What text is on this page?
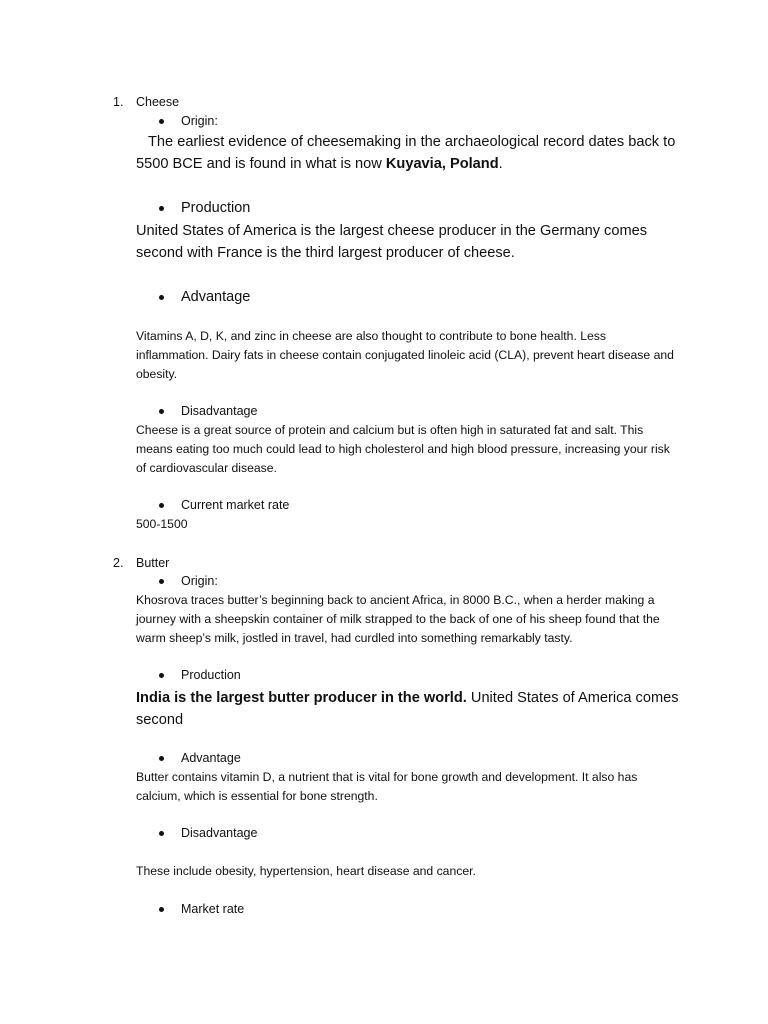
1. Cheese
Origin:
The earliest evidence of cheesemaking in the archaeological record dates back to 5500 BCE and is found in what is now Kuyavia, Poland.
Production
United States of America is the largest cheese producer in the Germany comes second with France is the third largest producer of cheese.
Advantage
Vitamins A, D, K, and zinc in cheese are also thought to contribute to bone health. Less inflammation. Dairy fats in cheese contain conjugated linoleic acid (CLA), prevent heart disease and obesity.
Disadvantage
Cheese is a great source of protein and calcium but is often high in saturated fat and salt. This means eating too much could lead to high cholesterol and high blood pressure, increasing your risk of cardiovascular disease.
Current market rate
500-1500
2. Butter
Origin:
Khosrova traces butter’s beginning back to ancient Africa, in 8000 B.C., when a herder making a journey with a sheepskin container of milk strapped to the back of one of his sheep found that the warm sheep’s milk, jostled in travel, had curdled into something remarkably tasty.
Production
India is the largest butter producer in the world. United States of America comes second
Advantage
Butter contains vitamin D, a nutrient that is vital for bone growth and development. It also has calcium, which is essential for bone strength.
Disadvantage
These include obesity, hypertension, heart disease and cancer.
Market rate
